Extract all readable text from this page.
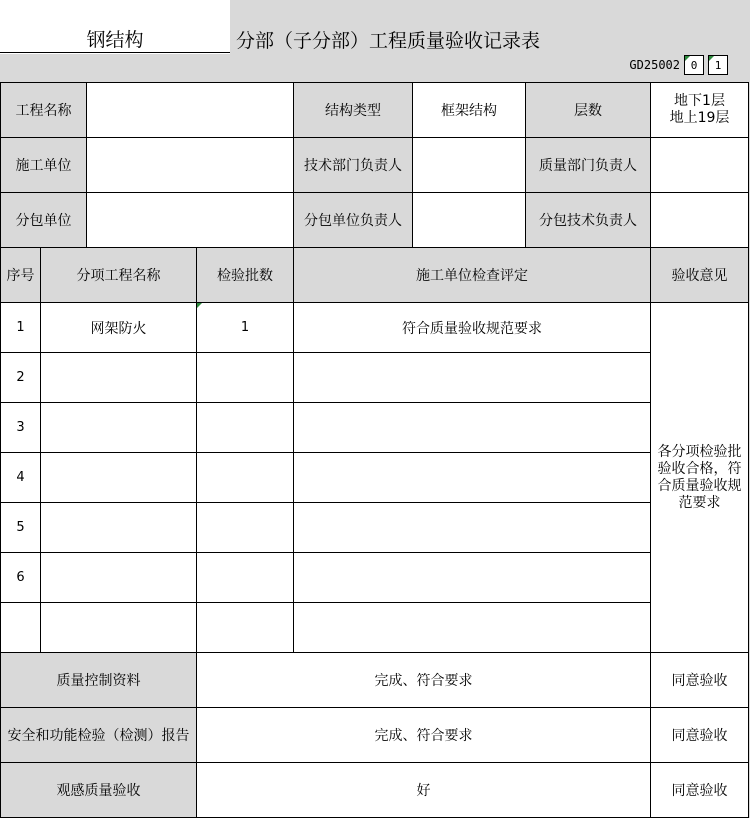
钢结构	分部（子分部）工程质量验收记录表
GD25002 0	1
工程名称				结构类型	框架结构	层数	地下1层
地上19层

施工单位				技术部门负责人		质量部门负责人	
分包单位				分包单位负责人		分包技术负责人	
序号	分项工程名称		检验批数	施工单位检查评定			验收意见
1	网架防火		1	符合质量验收规范要求			各分项检验批验收合格，符合质量验收规范要求
2							
3							
4							
5							
6							

质量控制资料			完成、符合要求				同意验收
安全和功能检验（检测）报告			完成、符合要求				同意验收
观感质量验收			好				同意验收
